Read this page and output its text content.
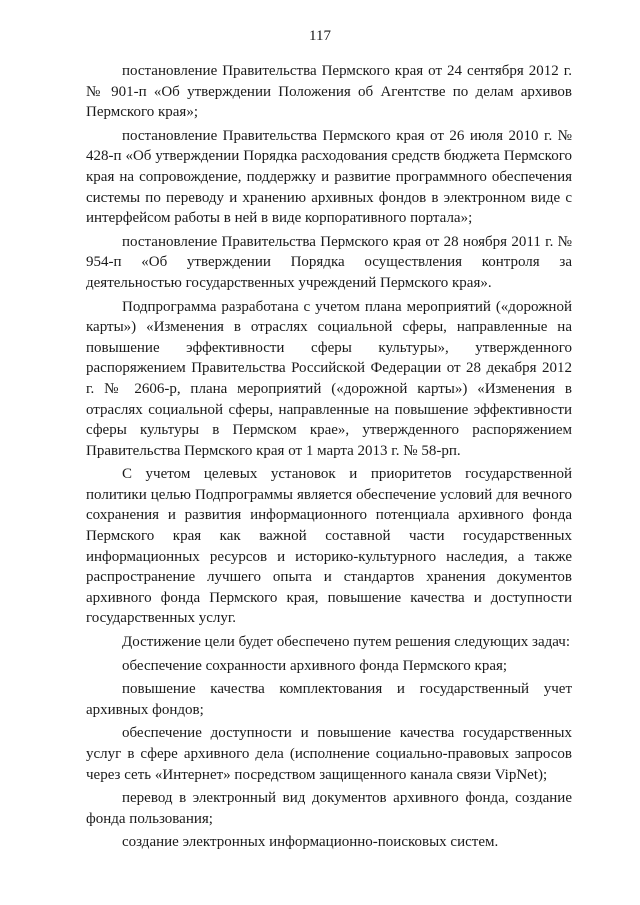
117

постановление Правительства Пермского края от 24 сентября 2012 г. № 901-п «Об утверждении Положения об Агентстве по делам архивов Пермского края»;

постановление Правительства Пермского края от 26 июля 2010 г. № 428-п «Об утверждении Порядка расходования средств бюджета Пермского края на сопровождение, поддержку и развитие программного обеспечения системы по переводу и хранению архивных фондов в электронном виде с интерфейсом работы в ней в виде корпоративного портала»;

постановление Правительства Пермского края от 28 ноября 2011 г. № 954-п «Об утверждении Порядка осуществления контроля за деятельностью государственных учреждений Пермского края».

Подпрограмма разработана с учетом плана мероприятий («дорожной карты») «Изменения в отраслях социальной сферы, направленные на повышение эффективности сферы культуры», утвержденного распоряжением Правительства Российской Федерации от 28 декабря 2012 г. № 2606-р, плана мероприятий («дорожной карты») «Изменения в отраслях социальной сферы, направленные на повышение эффективности сферы культуры в Пермском крае», утвержденного распоряжением Правительства Пермского края от 1 марта 2013 г. № 58-рп.

С учетом целевых установок и приоритетов государственной политики целью Подпрограммы является обеспечение условий для вечного сохранения и развития информационного потенциала архивного фонда Пермского края как важной составной части государственных информационных ресурсов и историко-культурного наследия, а также распространение лучшего опыта и стандартов хранения документов архивного фонда Пермского края, повышение качества и доступности государственных услуг.

Достижение цели будет обеспечено путем решения следующих задач:

обеспечение сохранности архивного фонда Пермского края;

повышение качества комплектования и государственный учет архивных фондов;

обеспечение доступности и повышение качества государственных услуг в сфере архивного дела (исполнение социально-правовых запросов через сеть «Интернет» посредством защищенного канала связи VipNet);

перевод в электронный вид документов архивного фонда, создание фонда пользования;

создание электронных информационно-поисковых систем.
